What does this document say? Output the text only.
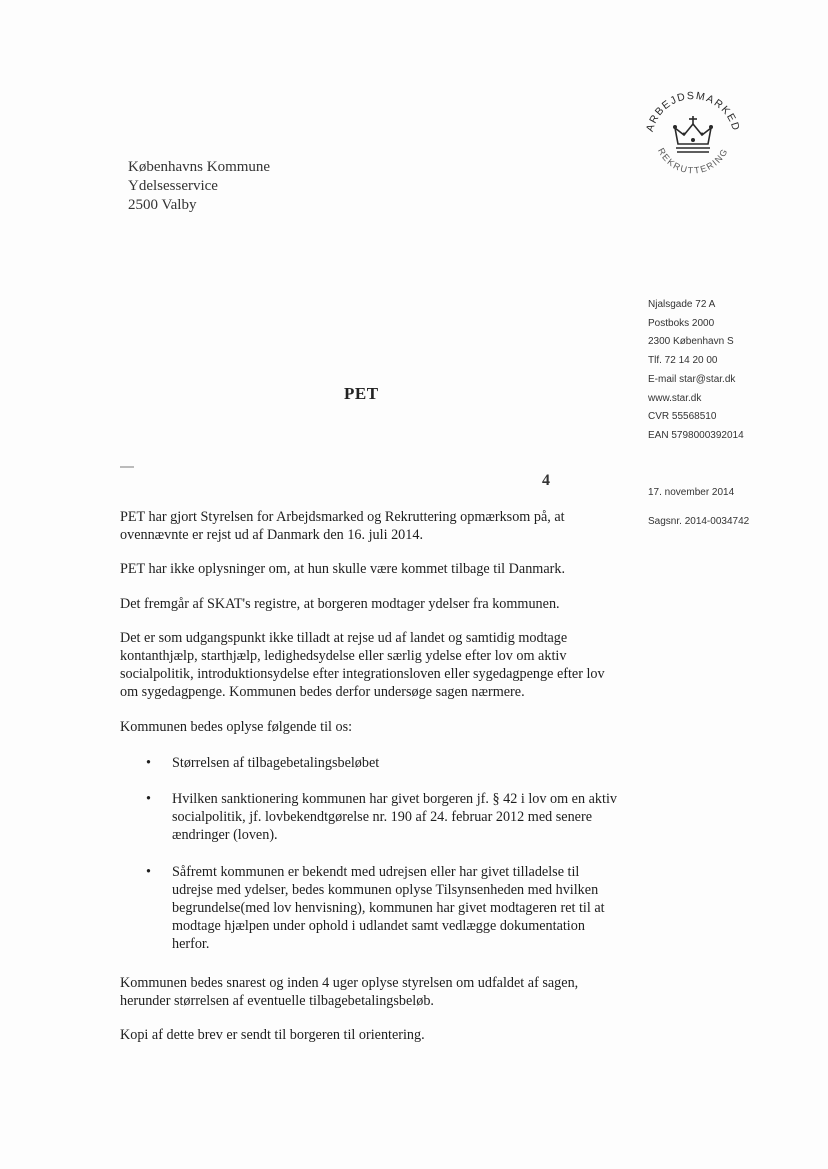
ARBEJDSMARKED
REKRUTTERING
Københavns Kommune
Ydelsesservice
2500 Valby
Njalsgade 72 A
Postboks 2000
2300 København S
Tlf. 72 14 20 00
E-mail star@star.dk
www.star.dk
CVR 55568510
EAN 5798000392014
17. november 2014
Sagsnr. 2014-0034742
PET
4

PET har gjort Styrelsen for Arbejdsmarked og Rekruttering opmærksom på, at ovennævnte er rejst ud af Danmark den 16. juli 2014.

PET har ikke oplysninger om, at hun skulle være kommet tilbage til Danmark.

Det fremgår af SKAT's registre, at borgeren modtager ydelser fra kommunen.

Det er som udgangspunkt ikke tilladt at rejse ud af landet og samtidig modtage kontanthjælp, starthjælp, ledighedsydelse eller særlig ydelse efter lov om aktiv socialpolitik, introduktionsydelse efter integrationsloven eller sygedagpenge efter lov om sygedagpenge. Kommunen bedes derfor undersøge sagen nærmere.

Kommunen bedes oplyse følgende til os:

• Størrelsen af tilbagebetalingsbeløbet
• Hvilken sanktionering kommunen har givet borgeren jf. § 42 i lov om en aktiv socialpolitik, jf. lovbekendtgørelse nr. 190 af 24. februar 2012 med senere ændringer (loven).
• Såfremt kommunen er bekendt med udrejsen eller har givet tilladelse til udrejse med ydelser, bedes kommunen oplyse Tilsynsenheden med hvilken begrundelse(med lov henvisning), kommunen har givet modtageren ret til at modtage hjælpen under ophold i udlandet samt vedlægge dokumentation herfor.

Kommunen bedes snarest og inden 4 uger oplyse styrelsen om udfaldet af sagen, herunder størrelsen af eventuelle tilbagebetalingsbeløb.

Kopi af dette brev er sendt til borgeren til orientering.
